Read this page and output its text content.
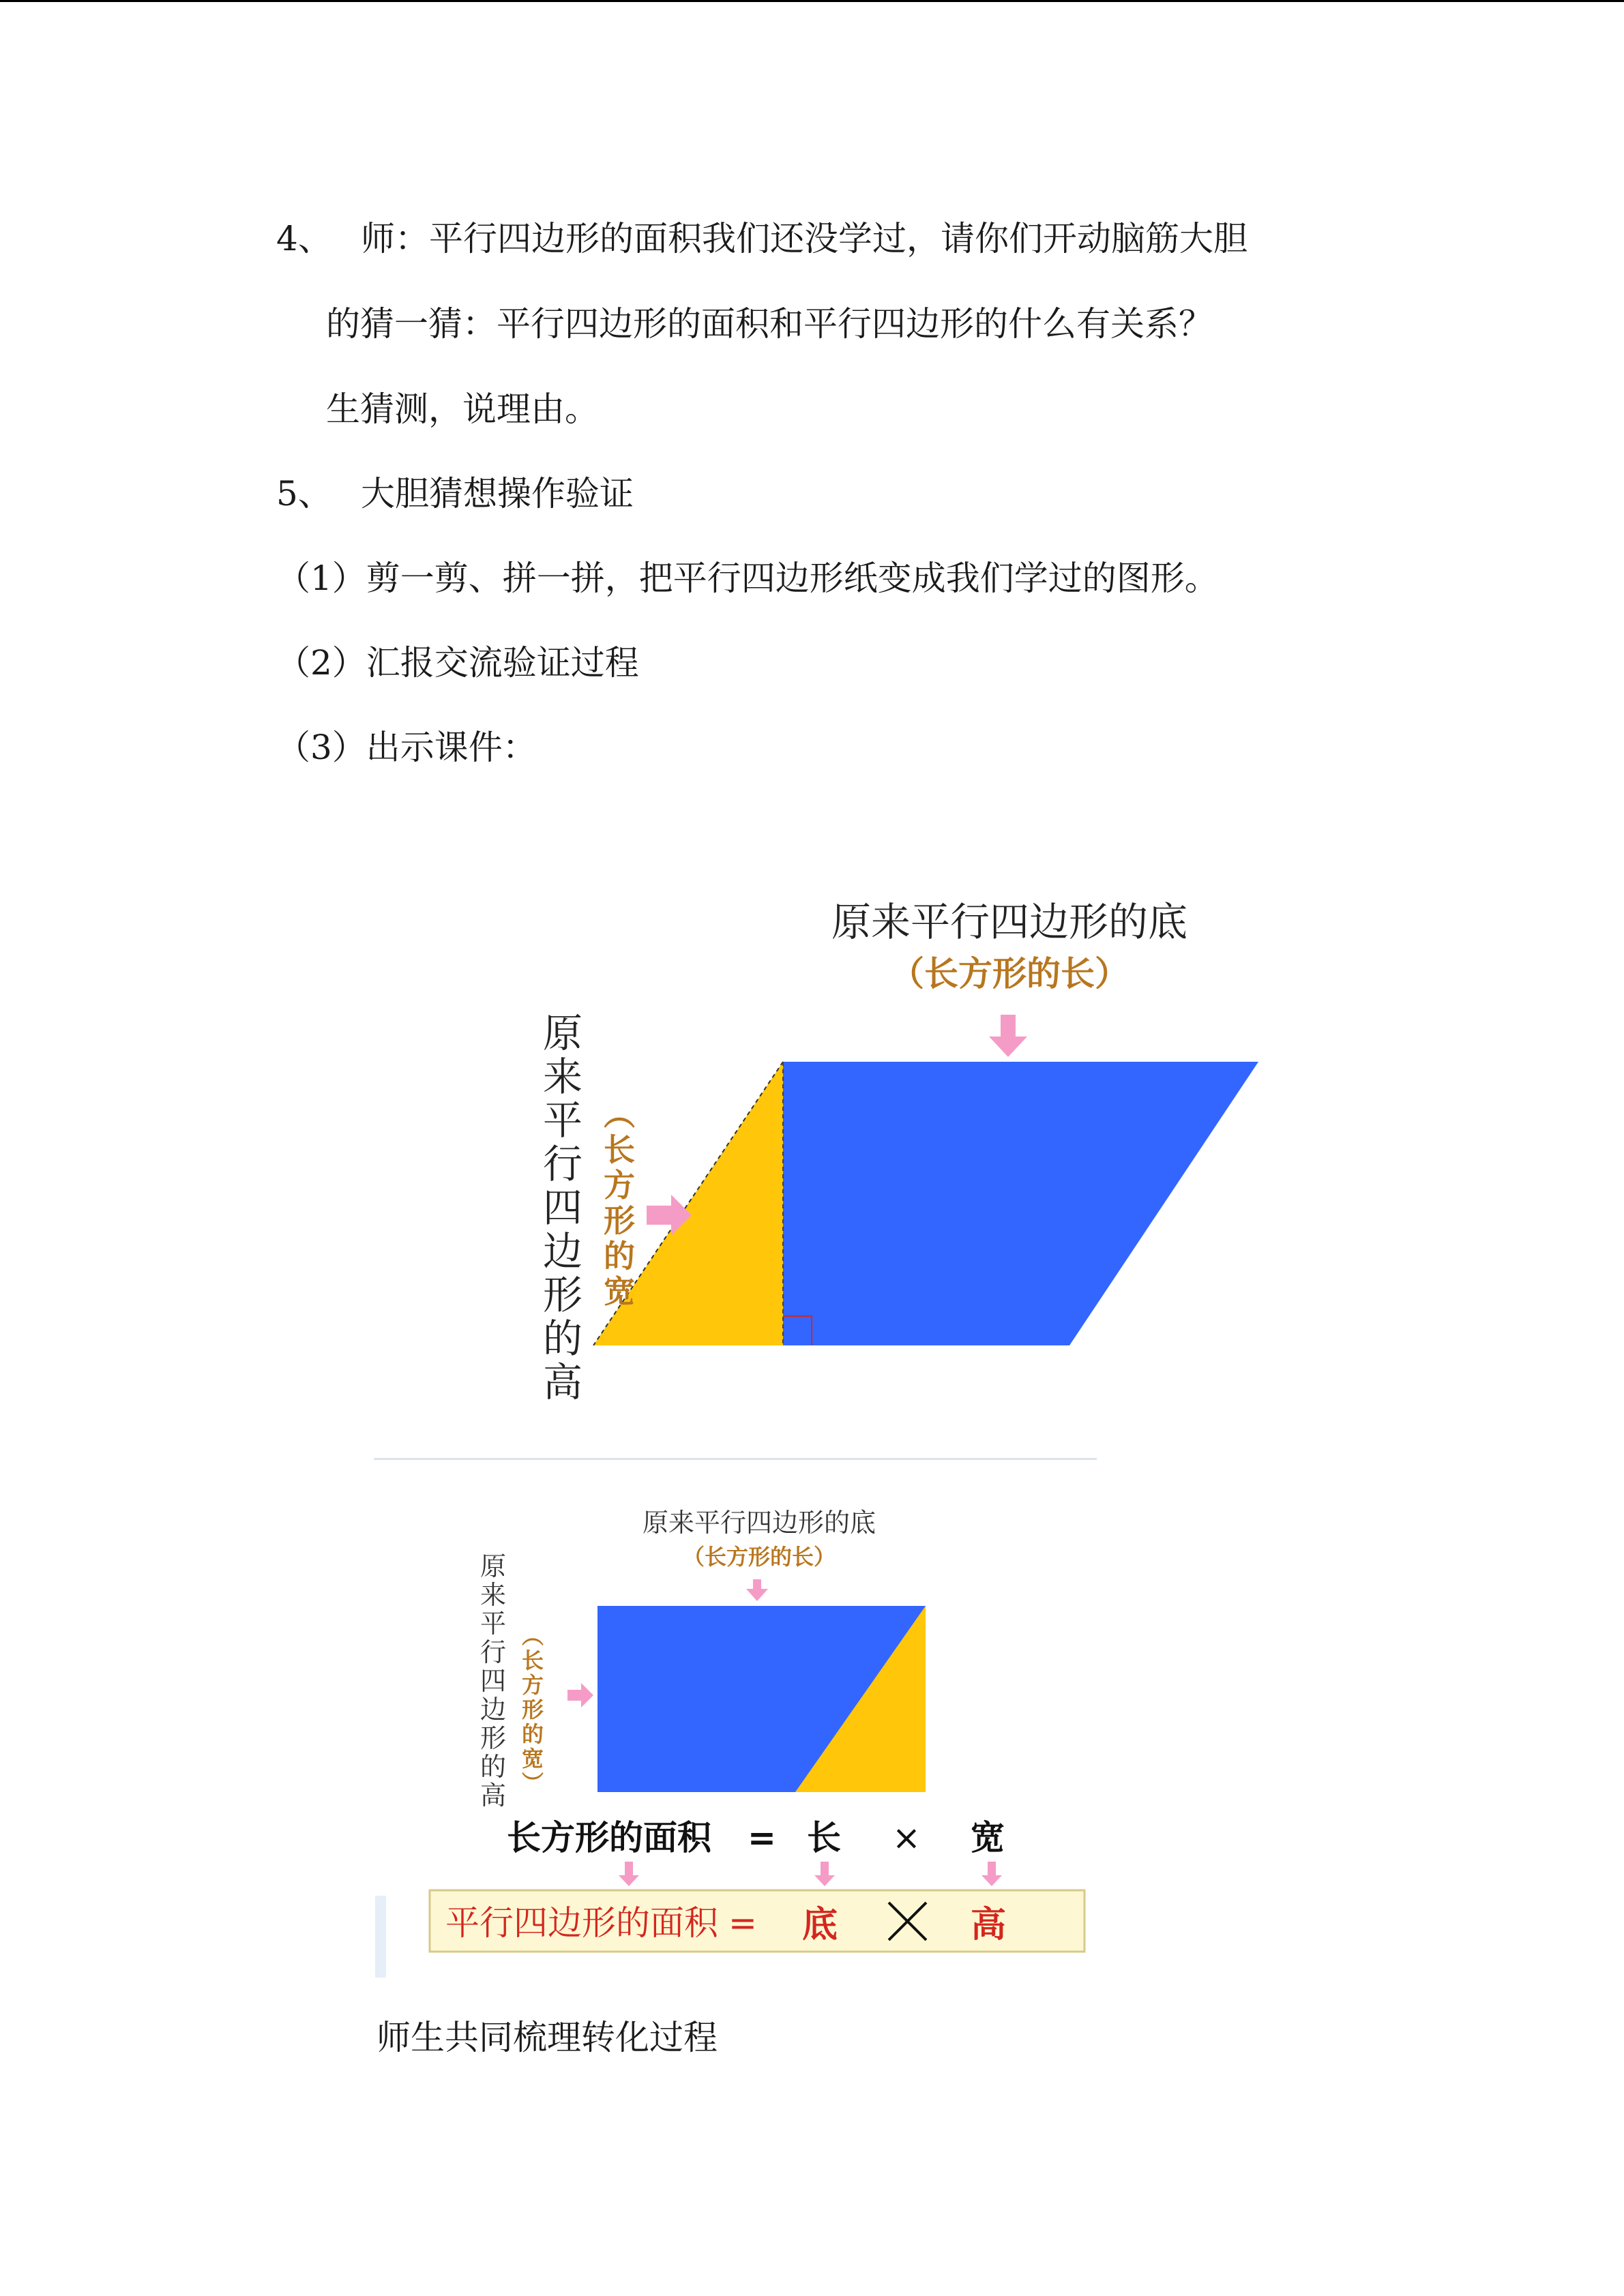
4、 师：平行四边形的面积我们还没学过，请你们开动脑筋大胆
的猜一猜：平行四边形的面积和平行四边形的什么有关系？
生猜测，说理由。
5、 大胆猜想操作验证
（1）剪一剪、拼一拼，把平行四边形纸变成我们学过的图形。
（2）汇报交流验证过程
（3）出示课件：
原来平行四边形的底
（长方形的长）
原来平行四边形的高
︵长方形的宽
原来平行四边形的底
（长方形的长）
原来平行四边形的高
︵长方形的宽︶
长方形的面积 = 长 × 宽
平行四边形的面积 = 底	高
师生共同梳理转化过程
